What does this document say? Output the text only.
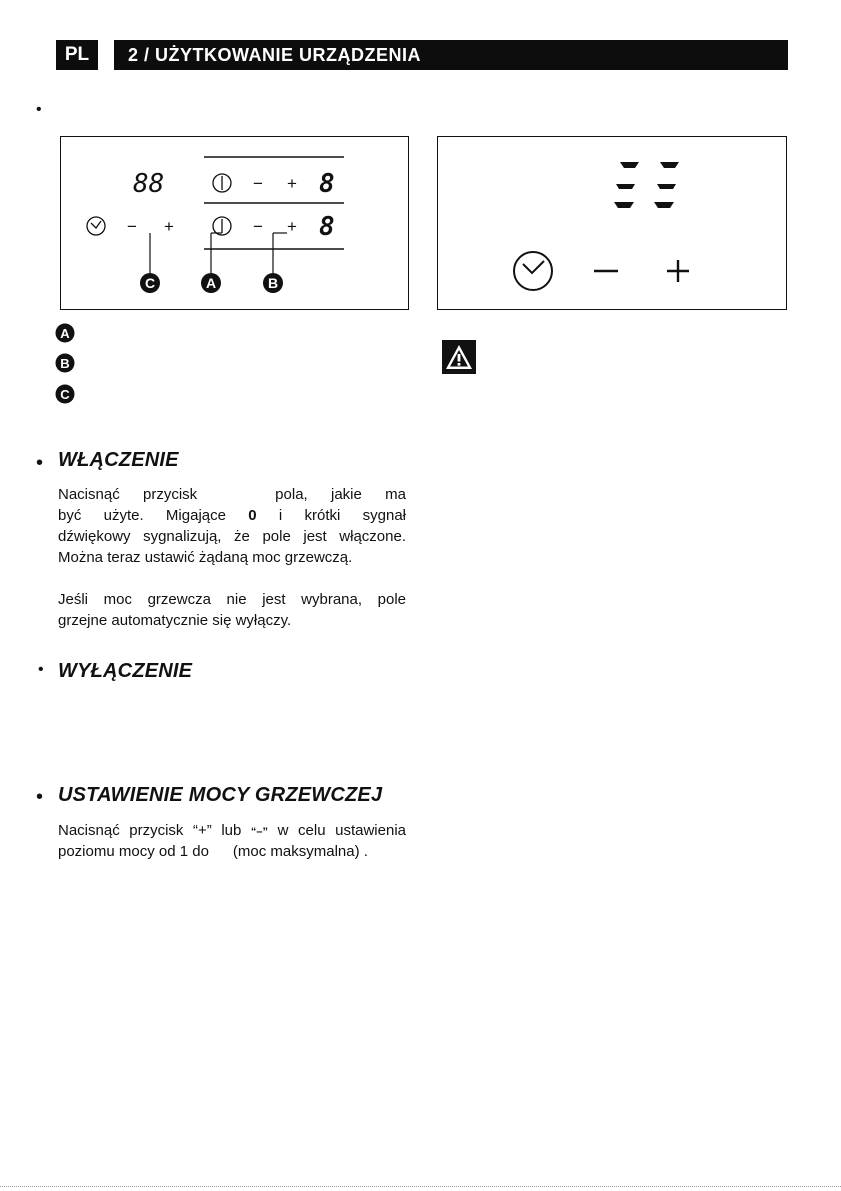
PL	2 / UŻYTKOWANIE URZĄDZENIA
•
C	A	B
88	8
8
− +
− +
− +
A
B
C
• WŁĄCZENIE
Nacisnąć przycisk	pola, jakie ma
być użyte. Migające 0 i krótki sygnał
dźwiękowy sygnalizują, że pole jest włączone.
Można teraz ustawić żądaną moc grzewczą.
Jeśli moc grzewcza nie jest wybrana, pole
grzejne automatycznie się wyłączy.
• WYŁĄCZENIE
• USTAWIENIE MOCY GRZEWCZEJ
Nacisnąć przycisk “+” lub “–” w celu ustawienia
poziomu mocy od 1 do (moc maksymalna) .
